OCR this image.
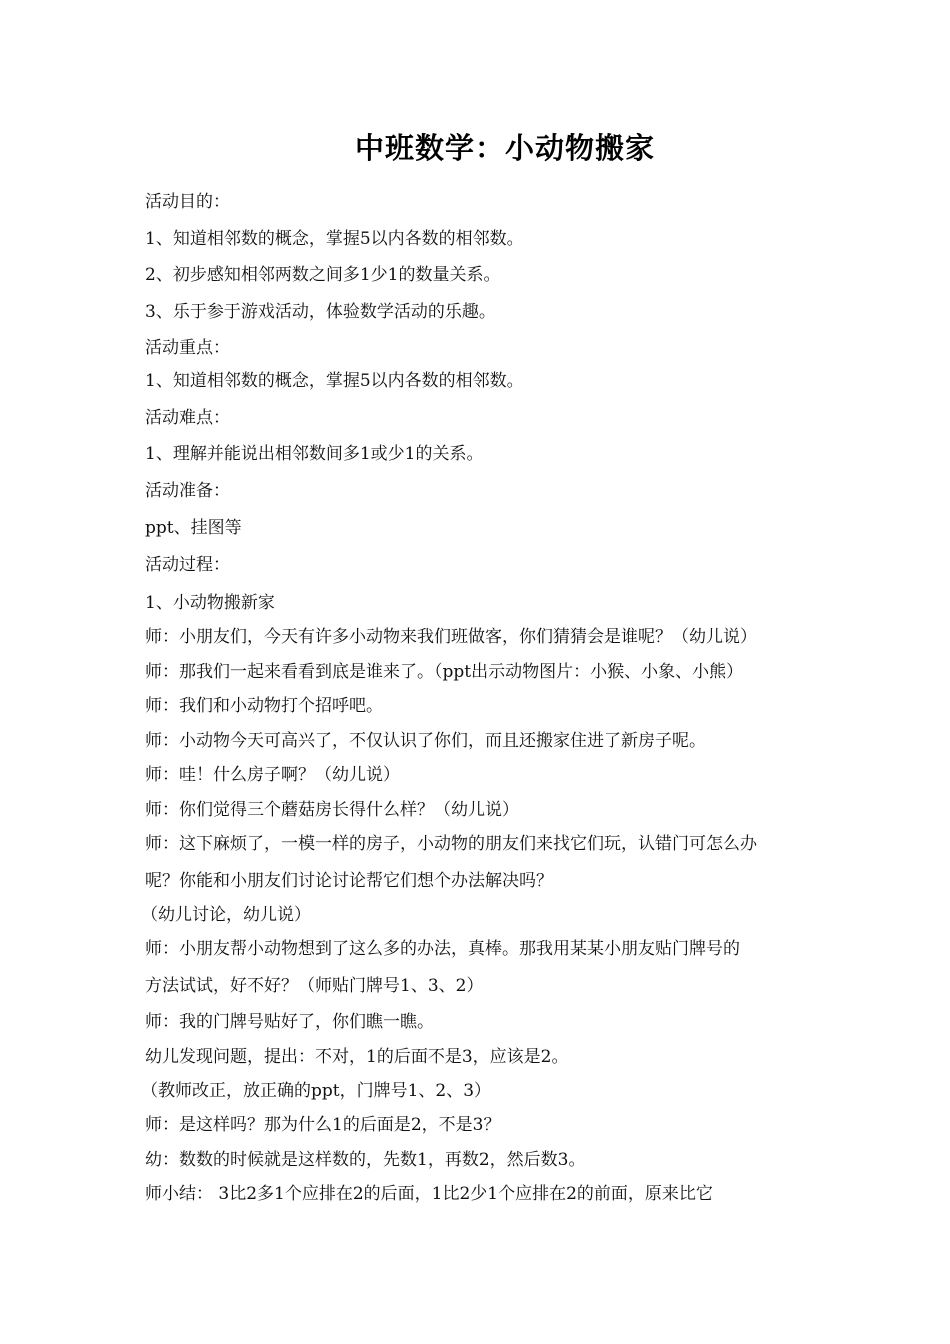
中班数学：小动物搬家
活动目的：
1、知道相邻数的概念，掌握5以内各数的相邻数。
2、初步感知相邻两数之间多1少1的数量关系。
3、乐于参于游戏活动，体验数学活动的乐趣。
活动重点：
1、知道相邻数的概念，掌握5以内各数的相邻数。
活动难点：
1、理解并能说出相邻数间多1或少1的关系。
活动准备：
ppt、挂图等
活动过程：
1、小动物搬新家
师：小朋友们，今天有许多小动物来我们班做客，你们猜猜会是谁呢？（幼儿说）
师：那我们一起来看看到底是谁来了。（ppt出示动物图片：小猴、小象、小熊）
师：我们和小动物打个招呼吧。
师：小动物今天可高兴了，不仅认识了你们，而且还搬家住进了新房子呢。
师：哇！什么房子啊？（幼儿说）
师：你们觉得三个蘑菇房长得什么样？（幼儿说）
师：这下麻烦了，一模一样的房子，小动物的朋友们来找它们玩，认错门可怎么办
呢？你能和小朋友们讨论讨论帮它们想个办法解决吗？
（幼儿讨论，幼儿说）
师：小朋友帮小动物想到了这么多的办法，真棒。那我用某某小朋友贴门牌号的
方法试试，好不好？（师贴门牌号1、3、2）
师：我的门牌号贴好了，你们瞧一瞧。
幼儿发现问题，提出：不对，1的后面不是3，应该是2。
（教师改正，放正确的ppt，门牌号1、2、3）
师：是这样吗？那为什么1的后面是2，不是3？
幼：数数的时候就是这样数的，先数1，再数2，然后数3。
师小结： 3比2多1个应排在2的后面，1比2少1个应排在2的前面，原来比它
